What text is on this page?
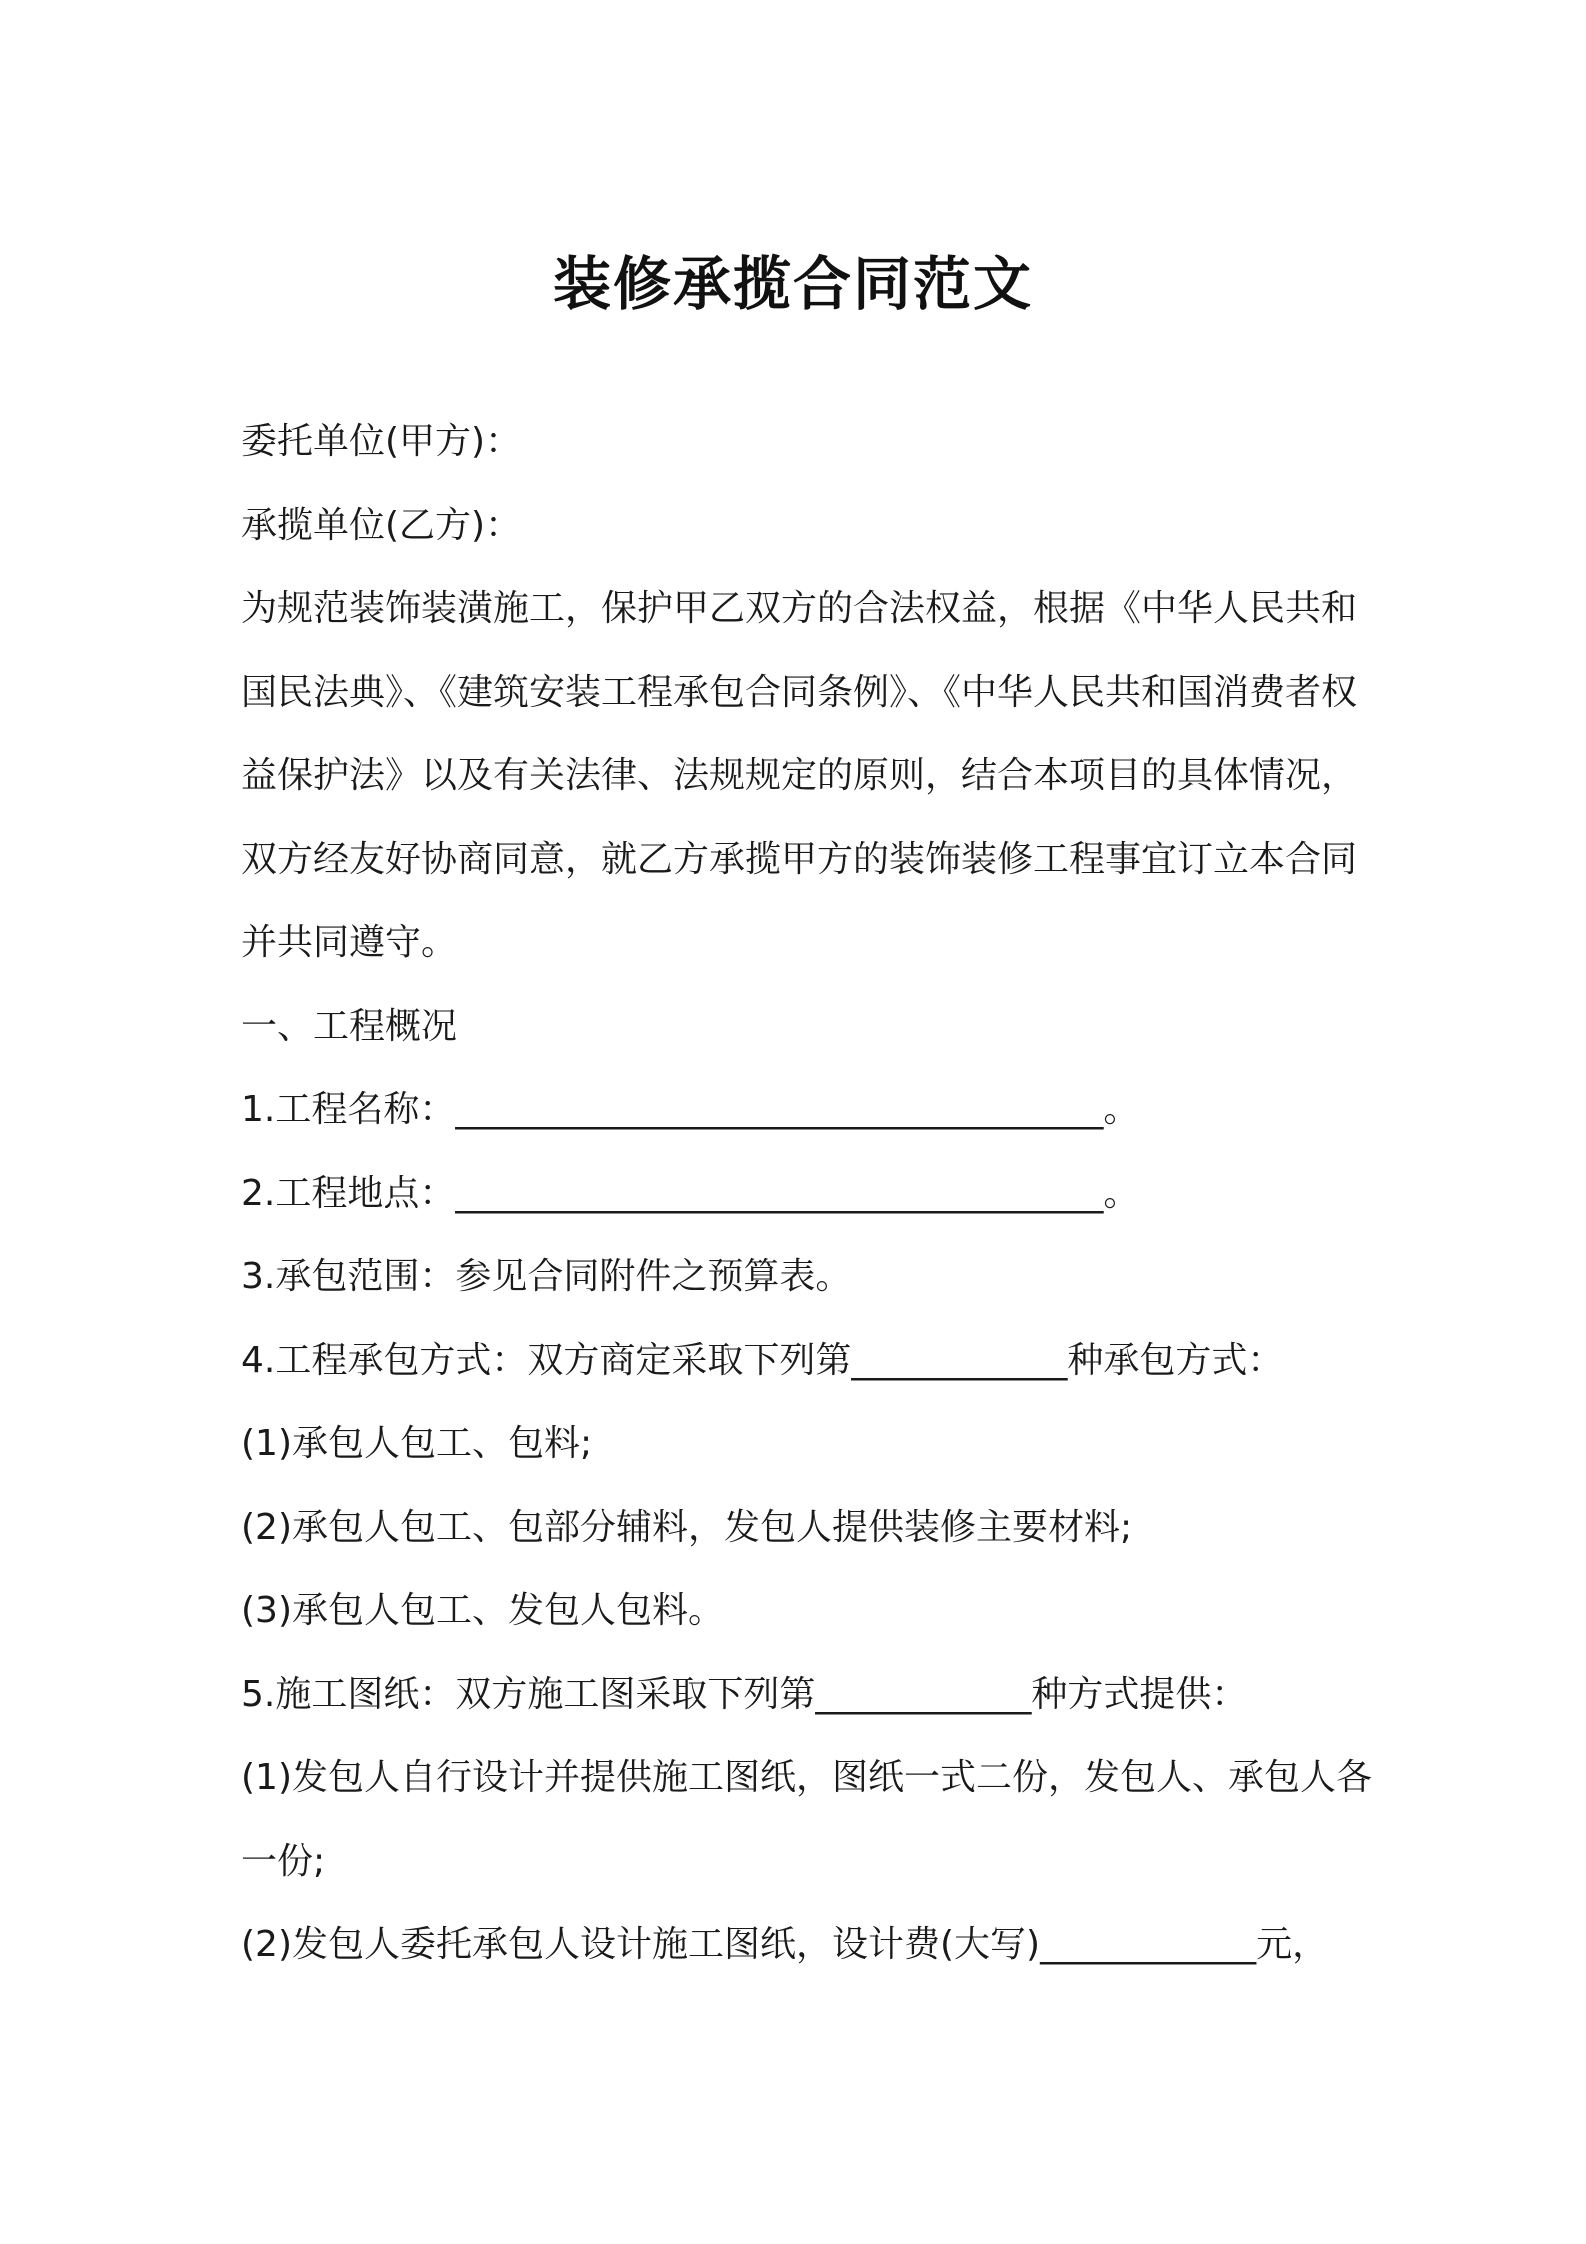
装修承揽合同范文

委托单位(甲方)：

承揽单位(乙方)：

为规范装饰装潢施工，保护甲乙双方的合法权益，根据《中华人民共和国民法典》、《建筑安装工程承包合同条例》、《中华人民共和国消费者权益保护法》以及有关法律、法规规定的原则，结合本项目的具体情况，双方经友好协商同意，就乙方承揽甲方的装饰装修工程事宜订立本合同并共同遵守。

一、工程概况

1.工程名称：____________________________________。

2.工程地点：____________________________________。

3.承包范围：参见合同附件之预算表。

4.工程承包方式：双方商定采取下列第____________种承包方式：

(1)承包人包工、包料;

(2)承包人包工、包部分辅料，发包人提供装修主要材料;

(3)承包人包工、发包人包料。

5.施工图纸：双方施工图采取下列第____________种方式提供：

(1)发包人自行设计并提供施工图纸，图纸一式二份，发包人、承包人各一份;

(2)发包人委托承包人设计施工图纸，设计费(大写)____________元，
